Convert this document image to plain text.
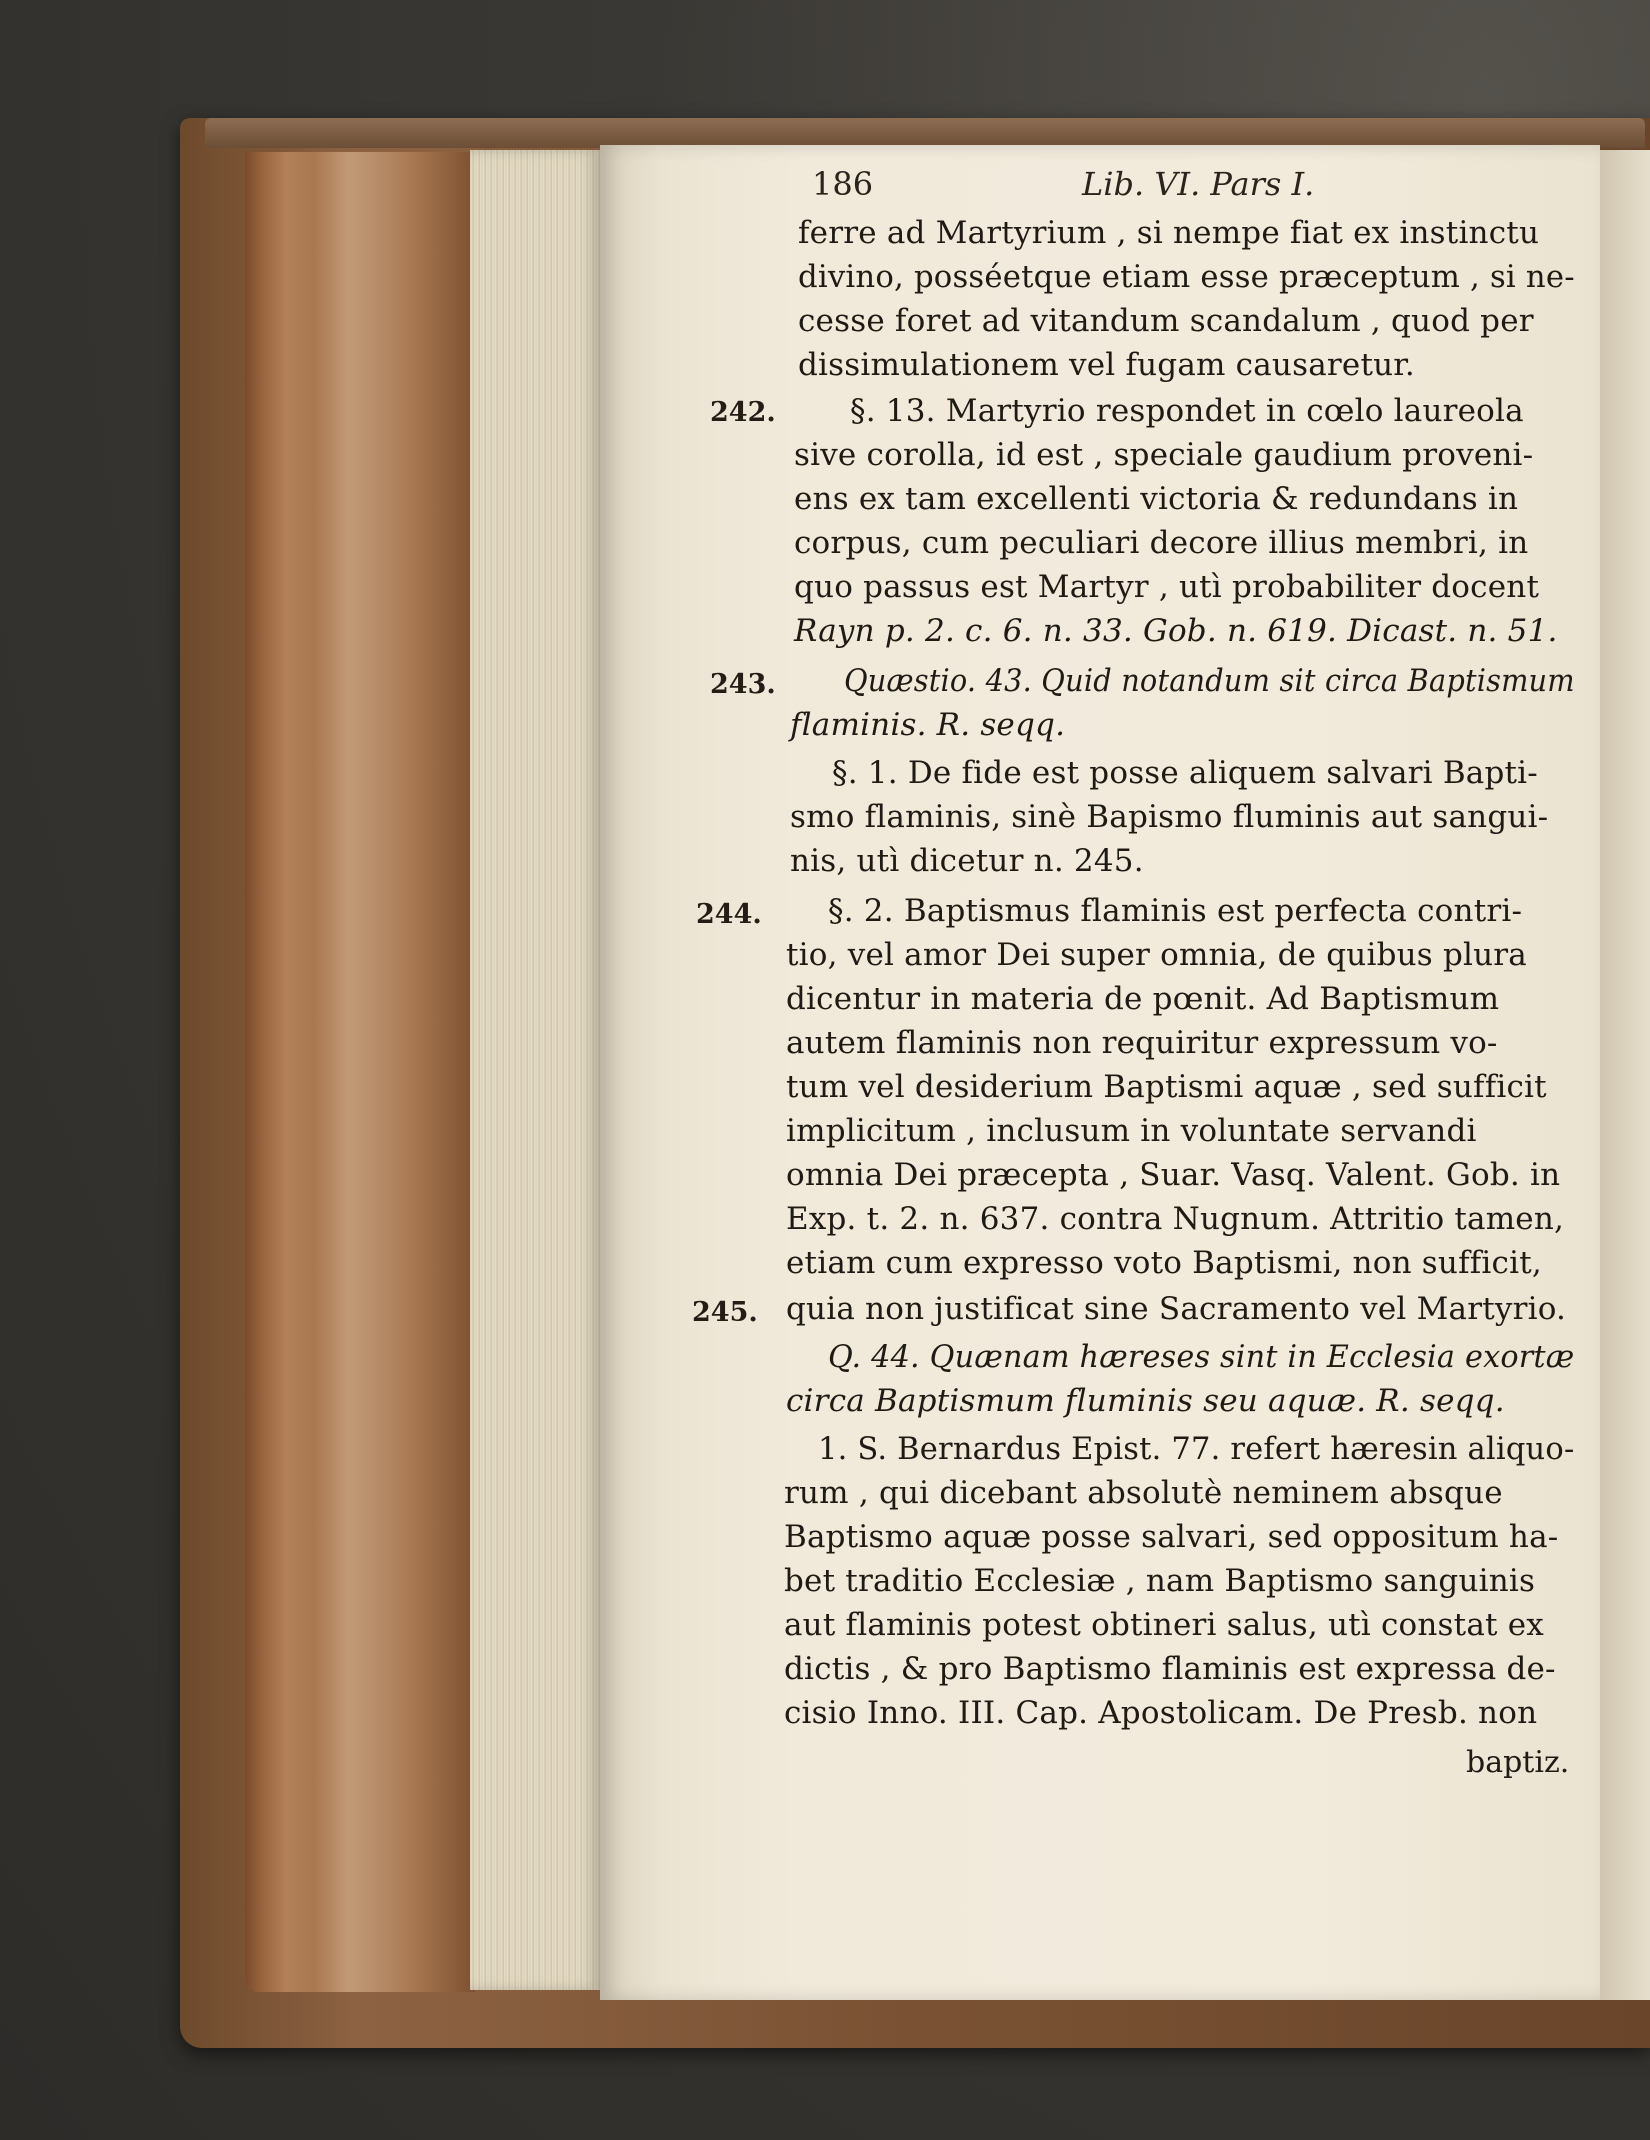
186	Lib. VI. Pars I.
ferre ad Martyrium , si nempe fiat ex instinctu
divino, posséetque etiam esse præceptum , si ne-
cesse foret ad vitandum scandalum , quod per
dissimulationem vel fugam causaretur.
242. §. 13. Martyrio respondet in cœlo laureola
sive corolla, id est , speciale gaudium proveni-
ens ex tam excellenti victoria & redundans in
corpus, cum peculiari decore illius membri, in
quo passus est Martyr , utì probabiliter docent
Rayn p. 2. c. 6. n. 33. Gob. n. 619. Dicast. n. 51.
243. Quæstio. 43. Quid notandum sit circa Baptismum
flaminis. R. seqq.
§. 1. De fide est posse aliquem salvari Bapti-
smo flaminis, sinè Bapismo fluminis aut sangui-
nis, utì dicetur n. 245.
244. §. 2. Baptismus flaminis est perfecta contri-
tio, vel amor Dei super omnia, de quibus plura
dicentur in materia de pœnit. Ad Baptismum
autem flaminis non requiritur expressum vo-
tum vel desiderium Baptismi aquæ , sed sufficit
implicitum , inclusum in voluntate servandi
omnia Dei præcepta , Suar. Vasq. Valent. Gob. in
Exp. t. 2. n. 637. contra Nugnum. Attritio tamen,
etiam cum expresso voto Baptismi, non sufficit,
245. quia non justificat sine Sacramento vel Martyrio.
Q. 44. Quænam hæreses sint in Ecclesia exortæ
circa Baptismum fluminis seu aquæ. R. seqq.
1. S. Bernardus Epist. 77. refert hæresin aliquo-
rum , qui dicebant absolutè neminem absque
Baptismo aquæ posse salvari, sed oppositum ha-
bet traditio Ecclesiæ , nam Baptismo sanguinis
aut flaminis potest obtineri salus, utì constat ex
dictis , & pro Baptismo flaminis est expressa de-
cisio Inno. III. Cap. Apostolicam. De Presb. non
baptiz.
